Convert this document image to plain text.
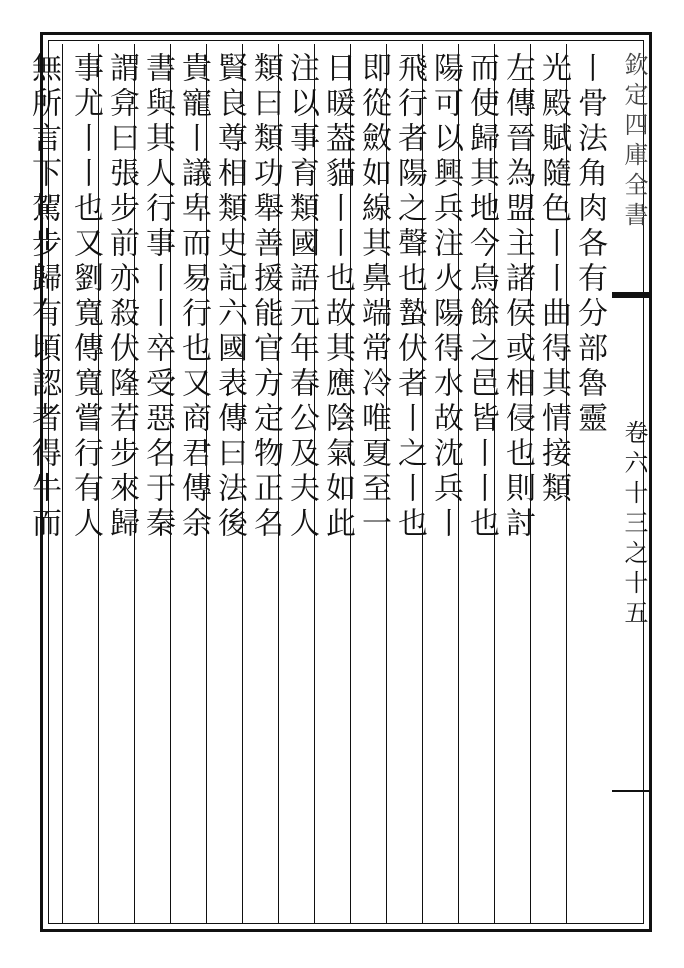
欽定四庫全書
卷六十三之十五
丨骨法角肉各有分部魯靈
光殿賦隨色丨丨曲得其情接類
左傳晉為盟主諸侯或相侵也則討
而使歸其地今烏餘之邑皆丨丨也
陽可以興兵注火陽得水故沈兵丨
飛行者陽之聲也蟄伏者丨之丨也
即從斂如線其鼻端常冷唯夏至一
日暖葢貓丨丨也故其應陰氣如此
注以事育類國語元年春公及夫人
類曰類功舉善援能官方定物正名
賢良尊相類史記六國表傳曰法後
貴寵丨議卑而易行也又商君傳余
書與其人行事丨丨卒受惡名于秦
謂弇曰張步前亦殺伏隆若步來歸
事尤丨丨也又劉寬傳寬嘗行有人
無所言下駕步歸有頃認者得牛而
